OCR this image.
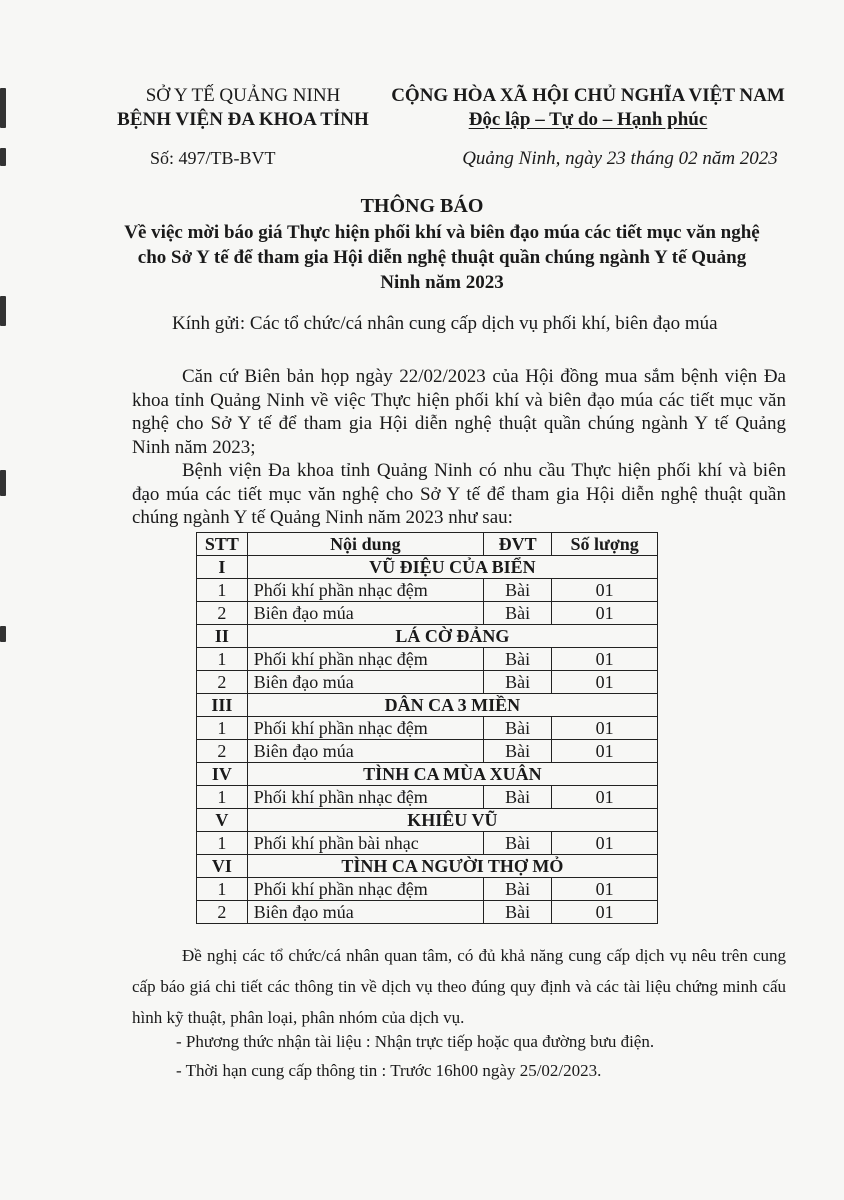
SỞ Y TẾ QUẢNG NINH
BỆNH VIỆN ĐA KHOA TỈNH
CỘNG HÒA XÃ HỘI CHỦ NGHĨA VIỆT NAM
Độc lập – Tự do – Hạnh phúc
Số: 497/TB-BVT	Quảng Ninh, ngày 23 tháng 02 năm 2023
THÔNG BÁO
Về việc mời báo giá Thực hiện phối khí và biên đạo múa các tiết mục văn nghệ cho Sở Y tế để tham gia Hội diễn nghệ thuật quần chúng ngành Y tế Quảng Ninh năm 2023
Kính gửi: Các tổ chức/cá nhân cung cấp dịch vụ phối khí, biên đạo múa
Căn cứ Biên bản họp ngày 22/02/2023 của Hội đồng mua sắm bệnh viện Đa khoa tỉnh Quảng Ninh về việc Thực hiện phối khí và biên đạo múa các tiết mục văn nghệ cho Sở Y tế để tham gia Hội diễn nghệ thuật quần chúng ngành Y tế Quảng Ninh năm 2023;
Bệnh viện Đa khoa tỉnh Quảng Ninh có nhu cầu Thực hiện phối khí và biên đạo múa các tiết mục văn nghệ cho Sở Y tế để tham gia Hội diễn nghệ thuật quần chúng ngành Y tế Quảng Ninh năm 2023 như sau:
STT	Nội dung	ĐVT	Số lượng
I	VŨ ĐIỆU CỦA BIỂN		
1	Phối khí phần nhạc đệm	Bài	01
2	Biên đạo múa	Bài	01
II	LÁ CỜ ĐẢNG		
1	Phối khí phần nhạc đệm	Bài	01
2	Biên đạo múa	Bài	01
III	DÂN CA 3 MIỀN		
1	Phối khí phần nhạc đệm	Bài	01
2	Biên đạo múa	Bài	01
IV	TÌNH CA MÙA XUÂN		
1	Phối khí phần nhạc đệm	Bài	01
V	KHIÊU VŨ		
1	Phối khí phần bài nhạc	Bài	01
VI	TÌNH CA NGƯỜI THỢ MỎ		
1	Phối khí phần nhạc đệm	Bài	01
2	Biên đạo múa	Bài	01
Đề nghị các tổ chức/cá nhân quan tâm, có đủ khả năng cung cấp dịch vụ nêu trên cung cấp báo giá chi tiết các thông tin về dịch vụ theo đúng quy định và các tài liệu chứng minh cấu hình kỹ thuật, phân loại, phân nhóm của dịch vụ.
- Phương thức nhận tài liệu : Nhận trực tiếp hoặc qua đường bưu điện.
- Thời hạn cung cấp thông tin : Trước 16h00 ngày 25/02/2023.
